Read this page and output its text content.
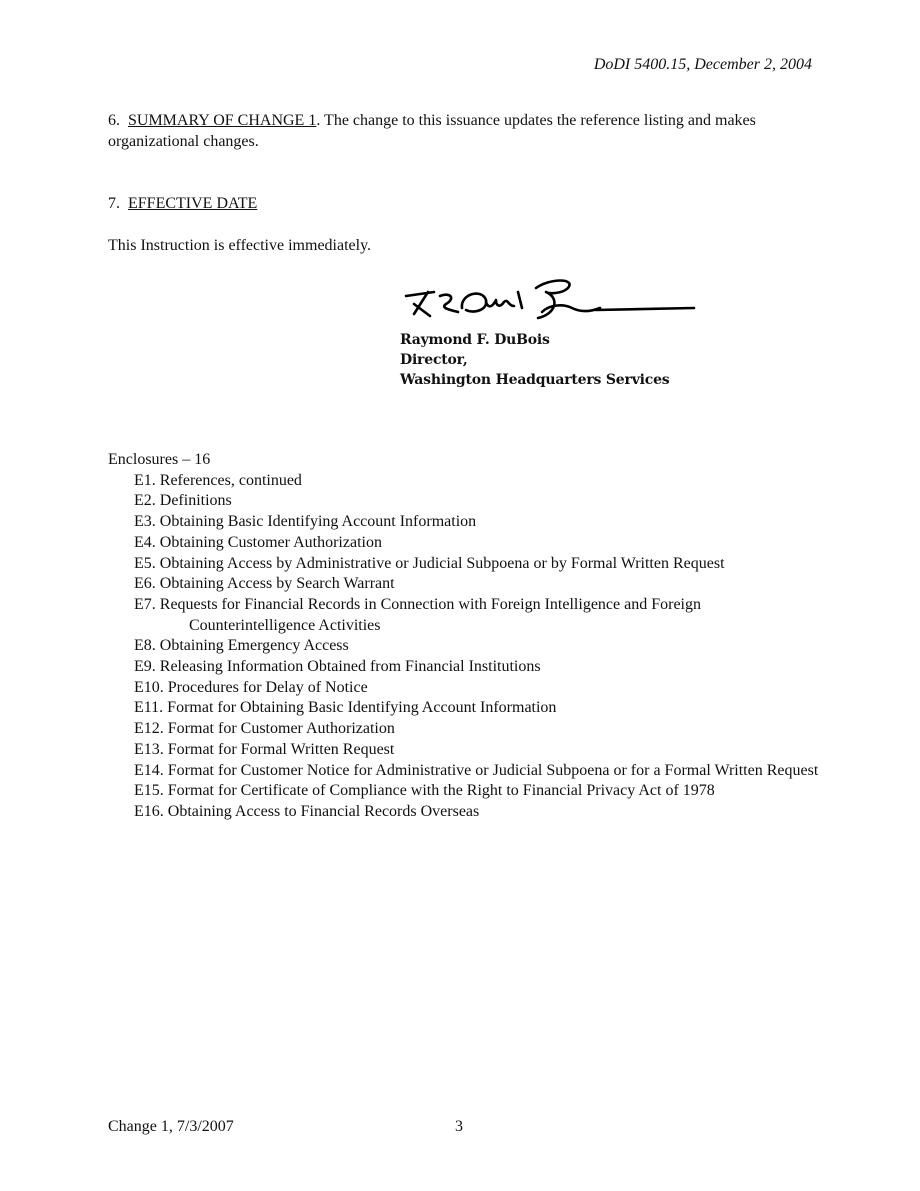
DoDI 5400.15, December 2, 2004

6. SUMMARY OF CHANGE 1. The change to this issuance updates the reference listing and makes organizational changes.

7. EFFECTIVE DATE

This Instruction is effective immediately.

Raymond F. DuBois
Director,
Washington Headquarters Services
Enclosures – 16
E1. References, continued
E2. Definitions
E3. Obtaining Basic Identifying Account Information
E4. Obtaining Customer Authorization
E5. Obtaining Access by Administrative or Judicial Subpoena or by Formal Written Request
E6. Obtaining Access by Search Warrant
E7. Requests for Financial Records in Connection with Foreign Intelligence and Foreign Counterintelligence Activities
E8. Obtaining Emergency Access
E9. Releasing Information Obtained from Financial Institutions
E10. Procedures for Delay of Notice
E11. Format for Obtaining Basic Identifying Account Information
E12. Format for Customer Authorization
E13. Format for Formal Written Request
E14. Format for Customer Notice for Administrative or Judicial Subpoena or for a Formal Written Request
E15. Format for Certificate of Compliance with the Right to Financial Privacy Act of 1978
E16. Obtaining Access to Financial Records Overseas
Change 1, 7/3/2007	3
